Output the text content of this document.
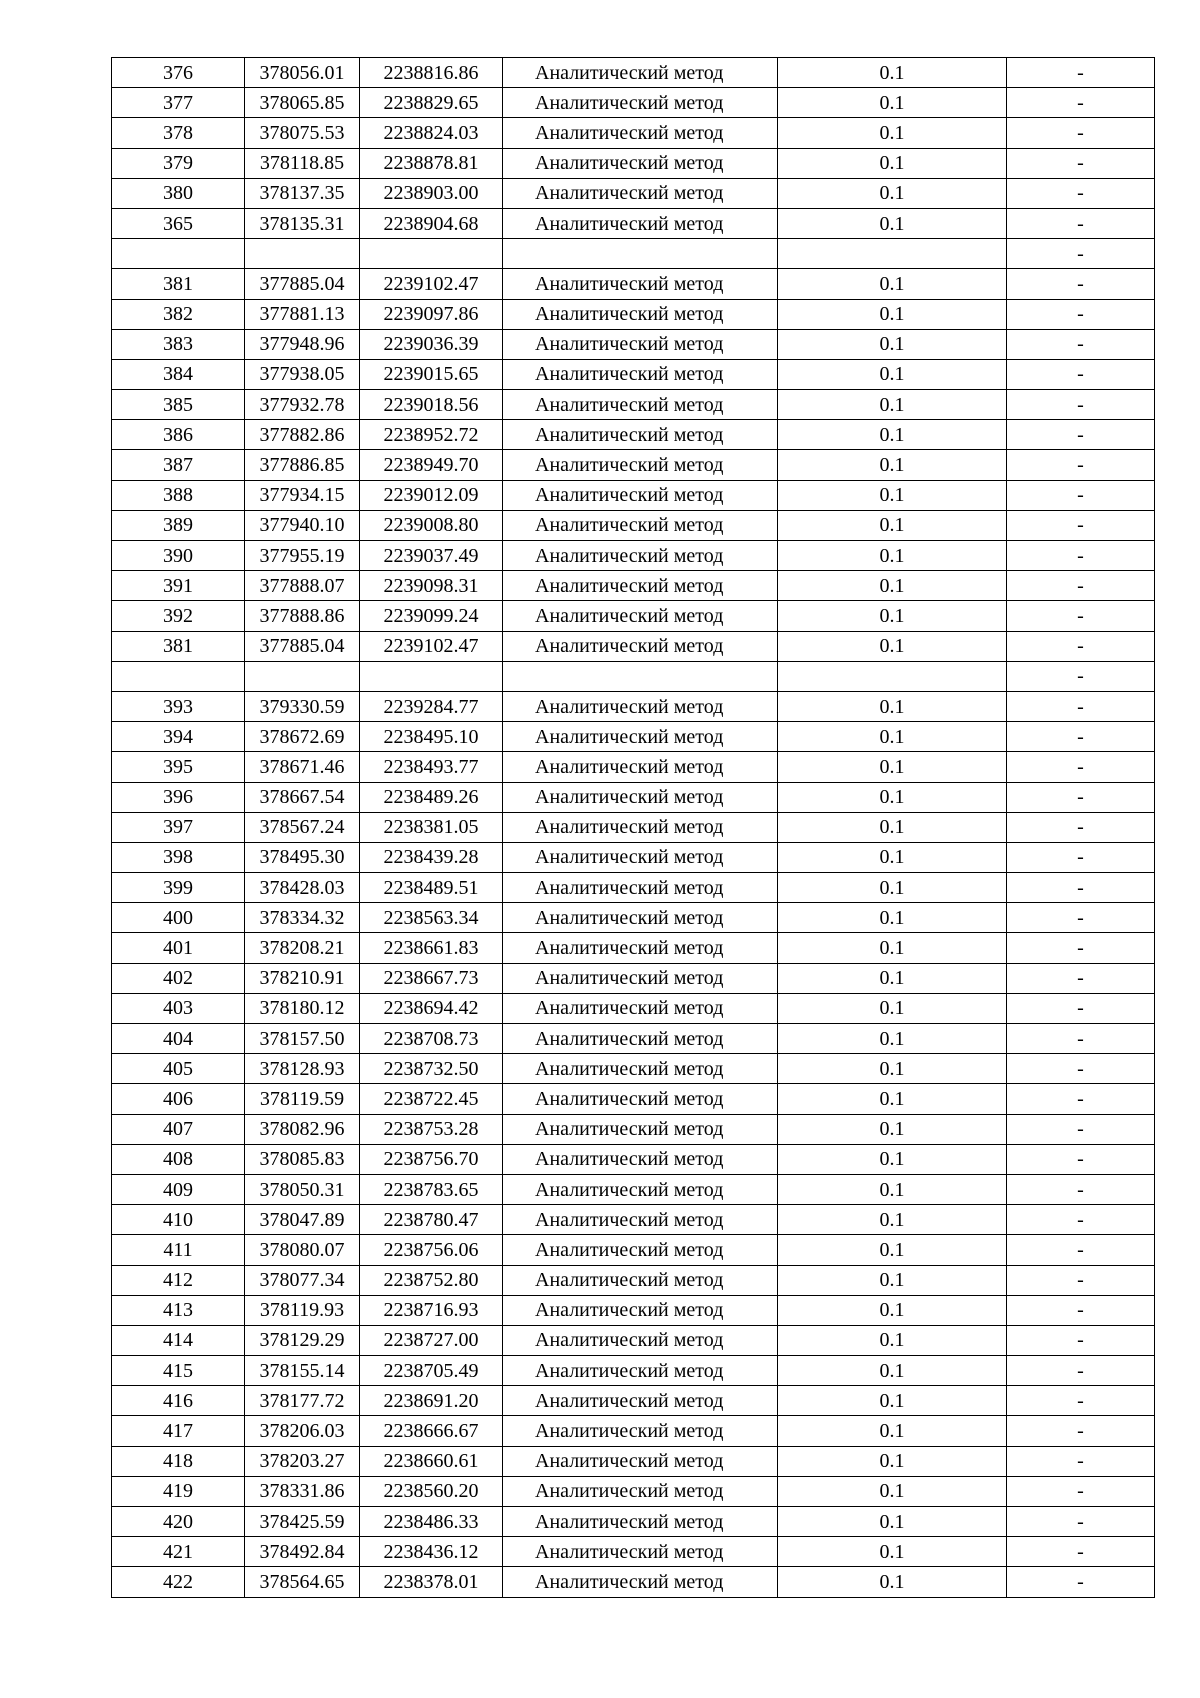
376	378056.01	2238816.86	Аналитический метод	0.1	-
377	378065.85	2238829.65	Аналитический метод	0.1	-
378	378075.53	2238824.03	Аналитический метод	0.1	-
379	378118.85	2238878.81	Аналитический метод	0.1	-
380	378137.35	2238903.00	Аналитический метод	0.1	-
365	378135.31	2238904.68	Аналитический метод	0.1	-
					-
381	377885.04	2239102.47	Аналитический метод	0.1	-
382	377881.13	2239097.86	Аналитический метод	0.1	-
383	377948.96	2239036.39	Аналитический метод	0.1	-
384	377938.05	2239015.65	Аналитический метод	0.1	-
385	377932.78	2239018.56	Аналитический метод	0.1	-
386	377882.86	2238952.72	Аналитический метод	0.1	-
387	377886.85	2238949.70	Аналитический метод	0.1	-
388	377934.15	2239012.09	Аналитический метод	0.1	-
389	377940.10	2239008.80	Аналитический метод	0.1	-
390	377955.19	2239037.49	Аналитический метод	0.1	-
391	377888.07	2239098.31	Аналитический метод	0.1	-
392	377888.86	2239099.24	Аналитический метод	0.1	-
381	377885.04	2239102.47	Аналитический метод	0.1	-
					-
393	379330.59	2239284.77	Аналитический метод	0.1	-
394	378672.69	2238495.10	Аналитический метод	0.1	-
395	378671.46	2238493.77	Аналитический метод	0.1	-
396	378667.54	2238489.26	Аналитический метод	0.1	-
397	378567.24	2238381.05	Аналитический метод	0.1	-
398	378495.30	2238439.28	Аналитический метод	0.1	-
399	378428.03	2238489.51	Аналитический метод	0.1	-
400	378334.32	2238563.34	Аналитический метод	0.1	-
401	378208.21	2238661.83	Аналитический метод	0.1	-
402	378210.91	2238667.73	Аналитический метод	0.1	-
403	378180.12	2238694.42	Аналитический метод	0.1	-
404	378157.50	2238708.73	Аналитический метод	0.1	-
405	378128.93	2238732.50	Аналитический метод	0.1	-
406	378119.59	2238722.45	Аналитический метод	0.1	-
407	378082.96	2238753.28	Аналитический метод	0.1	-
408	378085.83	2238756.70	Аналитический метод	0.1	-
409	378050.31	2238783.65	Аналитический метод	0.1	-
410	378047.89	2238780.47	Аналитический метод	0.1	-
411	378080.07	2238756.06	Аналитический метод	0.1	-
412	378077.34	2238752.80	Аналитический метод	0.1	-
413	378119.93	2238716.93	Аналитический метод	0.1	-
414	378129.29	2238727.00	Аналитический метод	0.1	-
415	378155.14	2238705.49	Аналитический метод	0.1	-
416	378177.72	2238691.20	Аналитический метод	0.1	-
417	378206.03	2238666.67	Аналитический метод	0.1	-
418	378203.27	2238660.61	Аналитический метод	0.1	-
419	378331.86	2238560.20	Аналитический метод	0.1	-
420	378425.59	2238486.33	Аналитический метод	0.1	-
421	378492.84	2238436.12	Аналитический метод	0.1	-
422	378564.65	2238378.01	Аналитический метод	0.1	-
